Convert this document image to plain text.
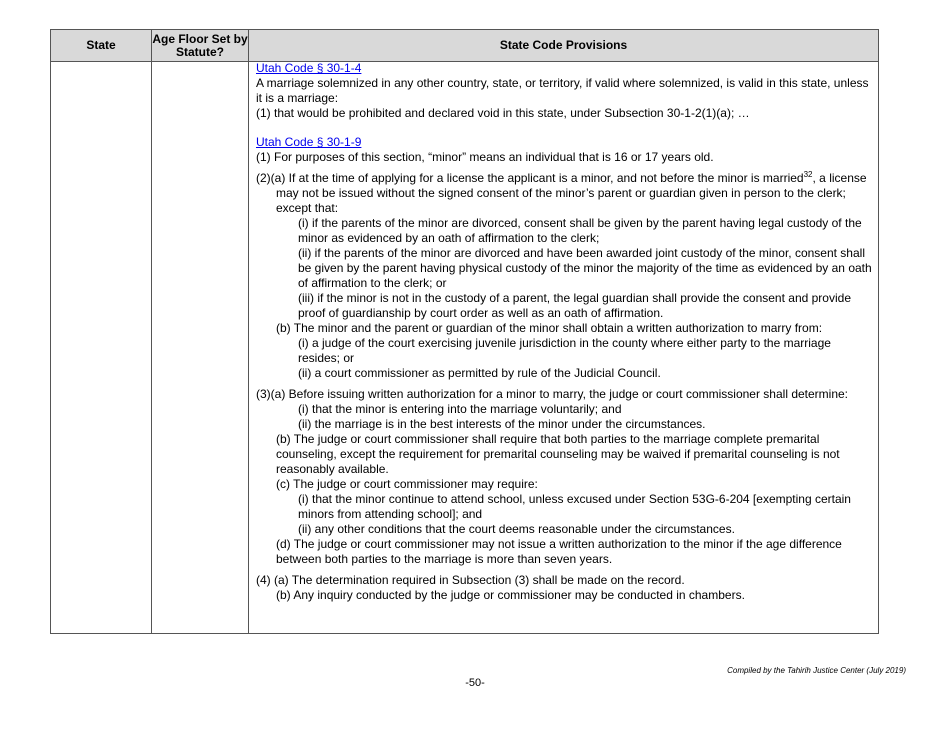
State	Age Floor Set by Statute?	State Code Provisions

Utah Code § 30-1-4

A marriage solemnized in any other country, state, or territory, if valid where solemnized, is valid in this state, unless it is a marriage:

(1) that would be prohibited and declared void in this state, under Subsection 30-1-2(1)(a); …

Utah Code § 30-1-9

(1) For purposes of this section, “minor” means an individual that is 16 or 17 years old.

(2)(a) If at the time of applying for a license the applicant is a minor, and not before the minor is married$^{32}$, a license may not be issued without the signed consent of the minor’s parent or guardian given in person to the clerk; except that:

(i) if the parents of the minor are divorced, consent shall be given by the parent having legal custody of the minor as evidenced by an oath of affirmation to the clerk;

(ii) if the parents of the minor are divorced and have been awarded joint custody of the minor, consent shall be given by the parent having physical custody of the minor the majority of the time as evidenced by an oath of affirmation to the clerk; or

(iii) if the minor is not in the custody of a parent, the legal guardian shall provide the consent and provide proof of guardianship by court order as well as an oath of affirmation.

(b) The minor and the parent or guardian of the minor shall obtain a written authorization to marry from:

(i) a judge of the court exercising juvenile jurisdiction in the county where either party to the marriage resides; or

(ii) a court commissioner as permitted by rule of the Judicial Council.

(3)(a) Before issuing written authorization for a minor to marry, the judge or court commissioner shall determine:

(i) that the minor is entering into the marriage voluntarily; and

(ii) the marriage is in the best interests of the minor under the circumstances.

(b) The judge or court commissioner shall require that both parties to the marriage complete premarital counseling, except the requirement for premarital counseling may be waived if premarital counseling is not reasonably available.

(c) The judge or court commissioner may require:

(i) that the minor continue to attend school, unless excused under Section 53G-6-204 [exempting certain minors from attending school]; and

(ii) any other conditions that the court deems reasonable under the circumstances.

(d) The judge or court commissioner may not issue a written authorization to the minor if the age difference between both parties to the marriage is more than seven years.

(4) (a) The determination required in Subsection (3) shall be made on the record.

(b) Any inquiry conducted by the judge or commissioner may be conducted in chambers.

Compiled by the Tahirih Justice Center (July 2019)
-50-
